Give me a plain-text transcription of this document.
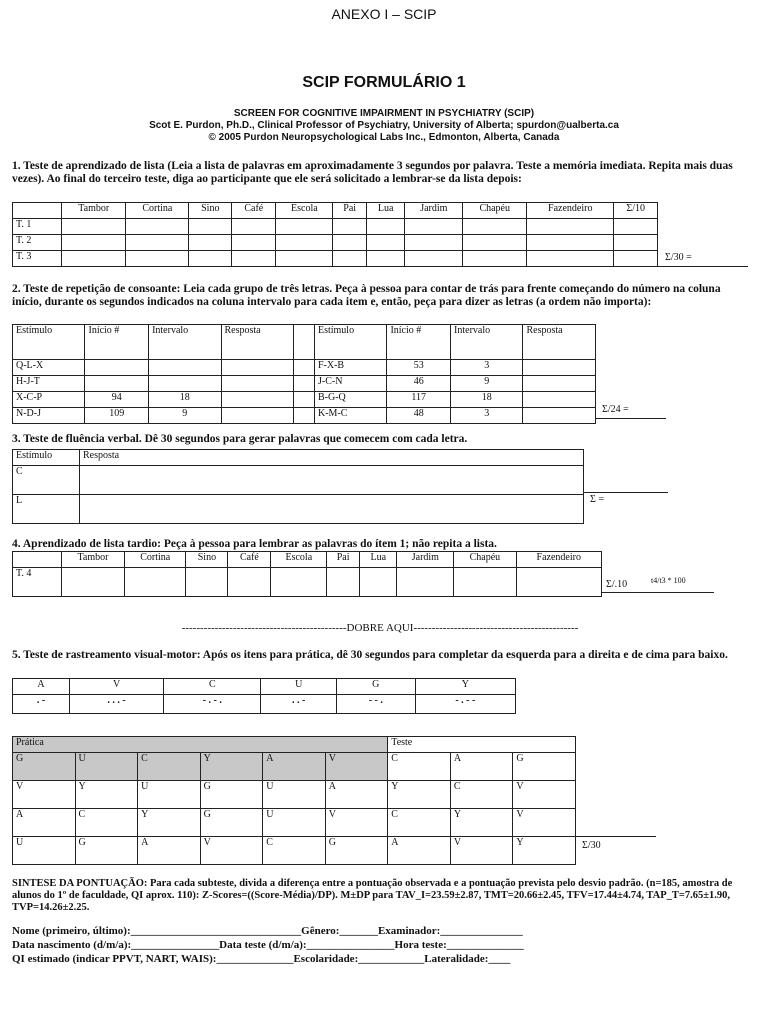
ANEXO I – SCIP
SCIP FORMULÁRIO 1
SCREEN FOR COGNITIVE IMPAIRMENT IN PSYCHIATRY (SCIP)
Scot E. Purdon, Ph.D., Clinical Professor of Psychiatry, University of Alberta; spurdon@ualberta.ca
© 2005 Purdon Neuropsychological Labs Inc., Edmonton, Alberta, Canada
1. Teste de aprendizado de lista (Leia a lista de palavras em aproximadamente 3 segundos por palavra. Teste a memória imediata. Repita mais duas vezes). Ao final do terceiro teste, diga ao participante que ele será solicitado a lembrar-se da lista depois:
	Tambor	Cortina	Sino	Café	Escola	Pai	Lua	Jardim	Chapéu	Fazendeiro	Σ/10
T. 1											
T. 2											
T. 3												Σ/30 =
2. Teste de repetição de consoante: Leia cada grupo de três letras. Peça à pessoa para contar de trás para frente começando do número na coluna início, durante os segundos indicados na coluna intervalo para cada item e, então, peça para dizer as letras (a ordem não importa):
Estímulo	Início #	Intervalo	Resposta		Estímulo	Início #	Intervalo	Resposta
Q-L-X					F-X-B	53	3	
H-J-T					J-C-N	46	9	
X-C-P	94	18			B-G-Q	117	18	
N-D-J	109	9			K-M-C	48	3		Σ/24 =
3. Teste de fluência verbal. Dê 30 segundos para gerar palavras que comecem com cada letra.
Estímulo	Resposta
C	
L		Σ =
4. Aprendizado de lista tardio: Peça à pessoa para lembrar as palavras do ítem 1; não repita a lista.
	Tambor	Cortina	Sino	Café	Escola	Pai	Lua	Jardim	Chapéu	Fazendeiro
T. 4										
Σ/.10	t4/t3 * 100
---------------------------------------------DOBRE AQUI---------------------------------------------
5. Teste de rastreamento visual-motor: Após os itens para prática, dê 30 segundos para completar da esquerda para a direita e de cima para baixo.
A	V	C	U	G	Y
. -	. . . -	- . - .	. . -	- - .	- . - -
Prática						Teste		
G	U	C	Y	A	V	C	A	G
V	Y	U	G	U	A	Y	C	V
A	C	Y	G	U	V	C	Y	V
U	G	A	V	C	G	A	V	Y	Σ/30
SINTESE DA PONTUAÇÃO: Para cada subteste, divida a diferença entre a pontuação observada e a pontuação prevista pelo desvio padrão. (n=185, amostra de alunos do 1º de faculdade, QI aprox. 110): Z-Scores=((Score-Média)/DP). M±DP para TAV_I=23.59±2.87, TMT=20.66±2.45, TFV=17.44±4.74, TAP_T=7.65±1.90, TVP=14.26±2.25.
Nome (primeiro, último):_______________________________Gênero:_______Examinador:_______________
Data nascimento (d/m/a):________________Data teste (d/m/a):________________Hora teste:______________
QI estimado (indicar PPVT, NART, WAIS):______________Escolaridade:____________Lateralidade:____
